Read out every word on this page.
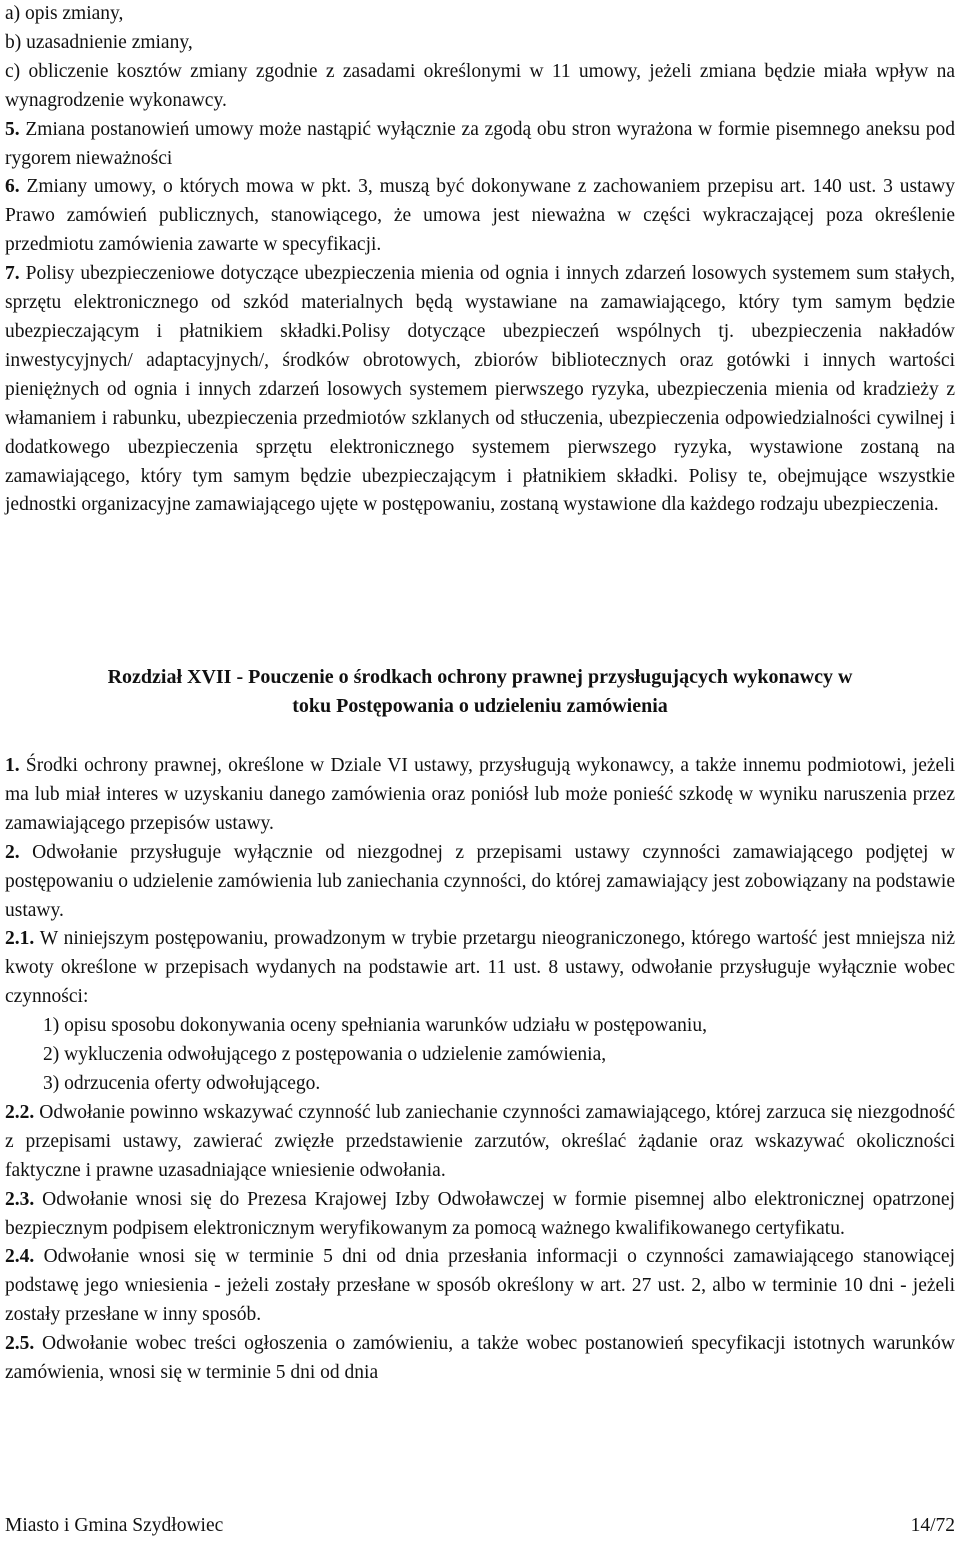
a) opis zmiany,

b) uzasadnienie zmiany,

c) obliczenie kosztów zmiany zgodnie z zasadami określonymi w 11 umowy, jeżeli zmiana będzie miała wpływ na wynagrodzenie wykonawcy.

5. Zmiana postanowień umowy może nastąpić wyłącznie za zgodą obu stron wyrażona w formie pisemnego aneksu pod rygorem nieważności

6. Zmiany umowy, o których mowa w pkt. 3, muszą być dokonywane z zachowaniem przepisu art. 140 ust. 3 ustawy Prawo zamówień publicznych, stanowiącego, że umowa jest nieważna w części wykraczającej poza określenie przedmiotu zamówienia zawarte w specyfikacji.

7. Polisy ubezpieczeniowe dotyczące ubezpieczenia mienia od ognia i innych zdarzeń losowych systemem sum stałych, sprzętu elektronicznego od szkód materialnych będą wystawiane na zamawiającego, który tym samym będzie ubezpieczającym i płatnikiem składki.Polisy dotyczące ubezpieczeń wspólnych tj. ubezpieczenia nakładów inwestycyjnych/ adaptacyjnych/, środków obrotowych, zbiorów bibliotecznych oraz gotówki i innych wartości pieniężnych od ognia i innych zdarzeń losowych systemem pierwszego ryzyka, ubezpieczenia mienia od kradzieży z włamaniem i rabunku, ubezpieczenia przedmiotów szklanych od stłuczenia, ubezpieczenia odpowiedzialności cywilnej i dodatkowego ubezpieczenia sprzętu elektronicznego systemem pierwszego ryzyka, wystawione zostaną na zamawiającego, który tym samym będzie ubezpieczającym i płatnikiem składki. Polisy te, obejmujące wszystkie jednostki organizacyjne zamawiającego ujęte w postępowaniu, zostaną wystawione dla każdego rodzaju ubezpieczenia.

Rozdział XVII - Pouczenie o środkach ochrony prawnej przysługujących wykonawcy w

toku Postępowania o udzieleniu zamówienia

1. Środki ochrony prawnej, określone w Dziale VI ustawy, przysługują wykonawcy, a także innemu podmiotowi, jeżeli ma lub miał interes w uzyskaniu danego zamówienia oraz poniósł lub może ponieść szkodę w wyniku naruszenia przez zamawiającego przepisów ustawy.

2. Odwołanie przysługuje wyłącznie od niezgodnej z przepisami ustawy czynności zamawiającego podjętej w postępowaniu o udzielenie zamówienia lub zaniechania czynności, do której zamawiający jest zobowiązany na podstawie ustawy.

2.1. W niniejszym postępowaniu, prowadzonym w trybie przetargu nieograniczonego, którego wartość jest mniejsza niż kwoty określone w przepisach wydanych na podstawie art. 11 ust. 8 ustawy, odwołanie przysługuje wyłącznie wobec czynności:

1) opisu sposobu dokonywania oceny spełniania warunków udziału w postępowaniu,

2) wykluczenia odwołującego z postępowania o udzielenie zamówienia,

3) odrzucenia oferty odwołującego.

2.2. Odwołanie powinno wskazywać czynność lub zaniechanie czynności zamawiającego, której zarzuca się niezgodność z przepisami ustawy, zawierać zwięzłe przedstawienie zarzutów, określać żądanie oraz wskazywać okoliczności faktyczne i prawne uzasadniające wniesienie odwołania.

2.3. Odwołanie wnosi się do Prezesa Krajowej Izby Odwoławczej w formie pisemnej albo elektronicznej opatrzonej bezpiecznym podpisem elektronicznym weryfikowanym za pomocą ważnego kwalifikowanego certyfikatu.

2.4. Odwołanie wnosi się w terminie 5 dni od dnia przesłania informacji o czynności zamawiającego stanowiącej podstawę jego wniesienia - jeżeli zostały przesłane w sposób określony w art. 27 ust. 2, albo w terminie 10 dni - jeżeli zostały przesłane w inny sposób.

2.5. Odwołanie wobec treści ogłoszenia o zamówieniu, a także wobec postanowień specyfikacji istotnych warunków zamówienia, wnosi się w terminie 5 dni od dnia

Miasto i Gmina Szydłowiec	14/72
